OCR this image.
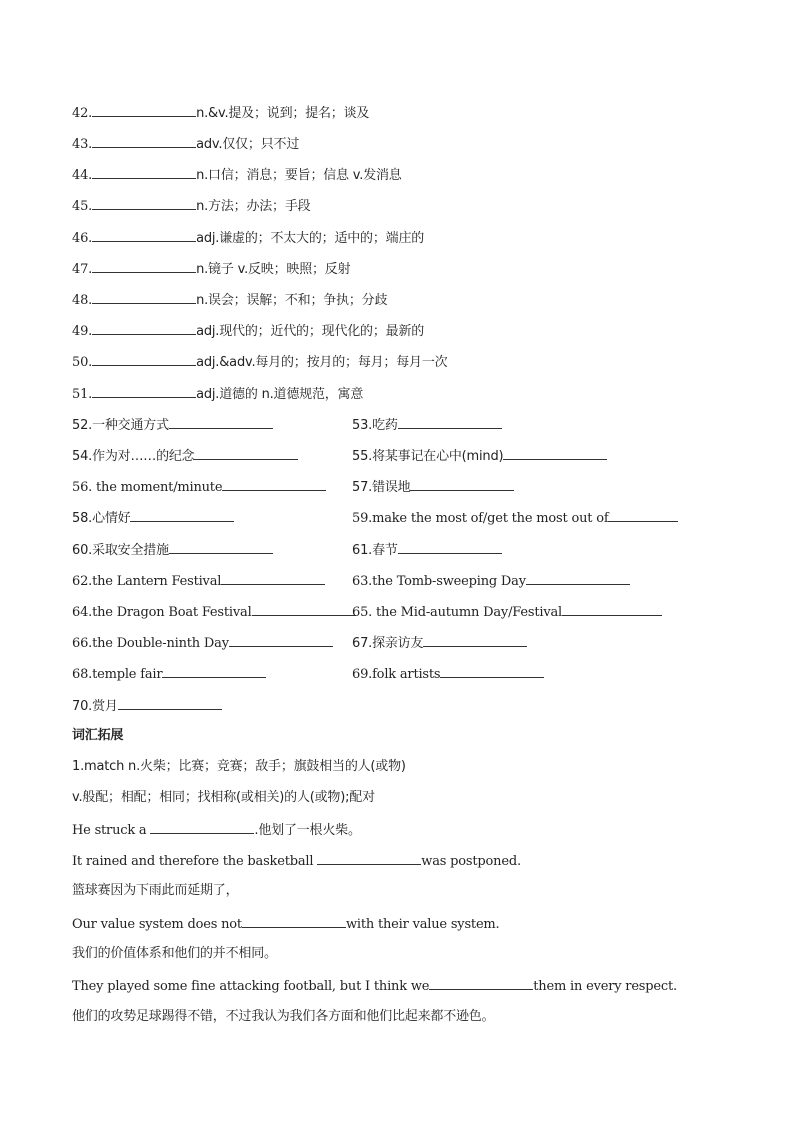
42.	n.&v.提及；说到；提名；谈及
43.	adv.仅仅；只不过
44.	n.口信；消息；要旨；信息 v.发消息
45.	n.方法；办法；手段
46.	adj.谦虚的；不太大的；适中的；端庄的
47.	n.镜子 v.反映；映照；反射
48.	n.误会；误解；不和；争执；分歧
49.	adj.现代的；近代的；现代化的；最新的
50.	adj.&adv.每月的；按月的；每月；每月一次
51.	adj.道德的 n.道德规范，寓意
52.一种交通方式	53.吃药
54.作为对……的纪念	55.将某事记在心中(mind)
56. the moment/minute	57.错误地
58.心情好	59.make the most of/get the most out of
60.采取安全措施	61.春节
62.the Lantern Festival	63.the Tomb-sweeping Day
64.the Dragon Boat Festival	65. the Mid-autumn Day/Festival
66.the Double-ninth Day	67.探亲访友
68.temple fair	69.folk artists
70.赏月
词汇拓展
1.match n.火柴；比赛；竞赛；敌手；旗鼓相当的人(或物)
v.般配；相配；相同；找相称(或相关)的人(或物);配对
He struck a	.他划了一根火柴。
It rained and therefore the basketball	was postponed.
篮球赛因为下雨此而延期了，
Our value system does not	with their value system.
我们的价值体系和他们的并不相同。
They played some fine attacking football, but I think we	them in every respect.
他们的攻势足球踢得不错，不过我认为我们各方面和他们比起来都不逊色。
